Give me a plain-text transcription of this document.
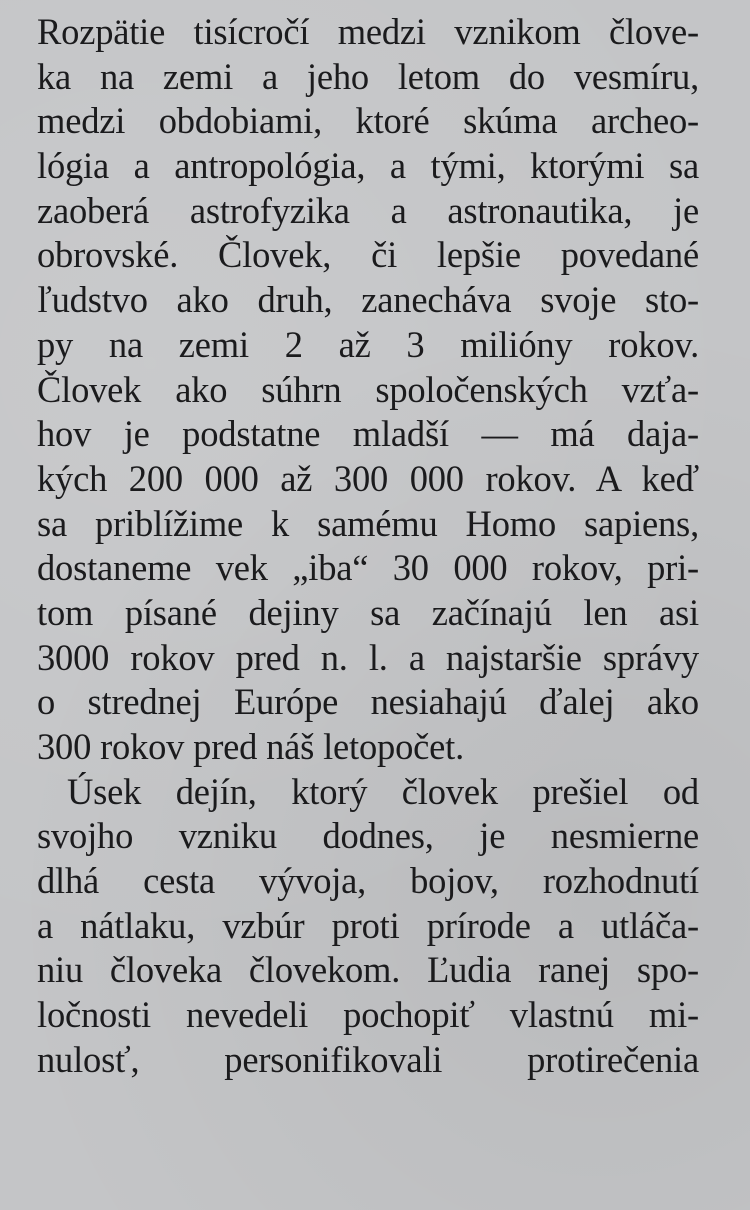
Rozpätie tisícročí medzi vznikom člove-
ka na zemi a jeho letom do vesmíru,
medzi obdobiami, ktoré skúma archeo-
lógia a antropológia, a tými, ktorými sa
zaoberá astrofyzika a astronautika, je
obrovské. Človek, či lepšie povedané
ľudstvo ako druh, zanecháva svoje sto-
py na zemi 2 až 3 milióny rokov.
Človek ako súhrn spoločenských vzťa-
hov je podstatne mladší — má daja-
kých 200 000 až 300 000 rokov. A keď
sa priblížime k samému Homo sapiens,
dostaneme vek „iba“ 30 000 rokov, pri-
tom písané dejiny sa začínajú len asi
3000 rokov pred n. l. a najstaršie správy
o strednej Európe nesiahajú ďalej ako
300 rokov pred náš letopočet.
Úsek dejín, ktorý človek prešiel od
svojho vzniku dodnes, je nesmierne
dlhá cesta vývoja, bojov, rozhodnutí
a nátlaku, vzbúr proti prírode a utláča-
niu človeka človekom. Ľudia ranej spo-
ločnosti nevedeli pochopiť vlastnú mi-
nulosť, personifikovali protirečenia
